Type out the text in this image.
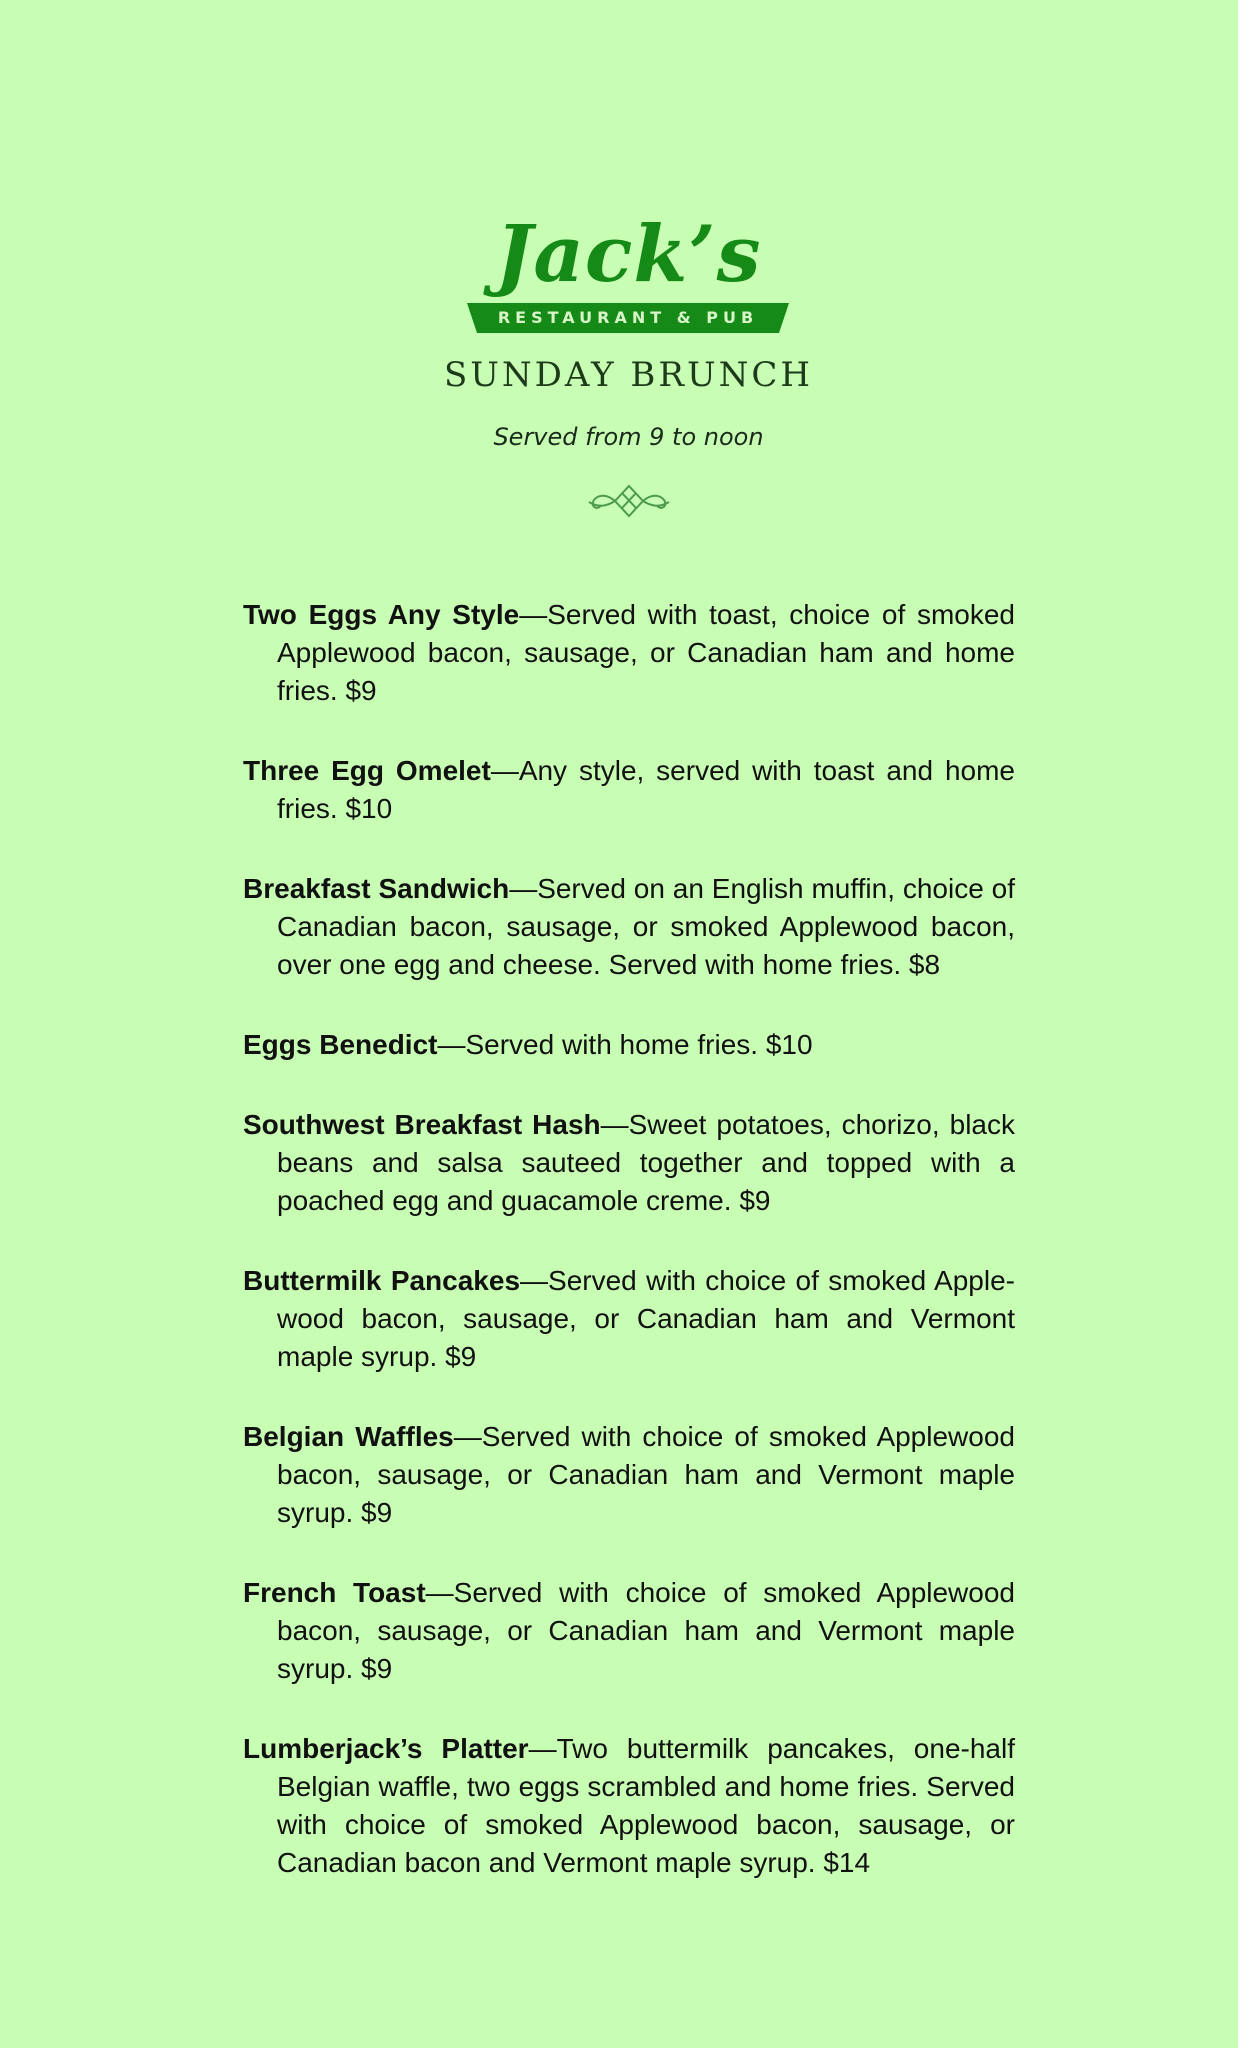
Jack’s
RESTAURANT & PUB
SUNDAY BRUNCH
Served from 9 to noon
Two Eggs Any Style—Served with toast, choice of smoked Applewood bacon, sausage, or Canadian ham and home fries. $9
Three Egg Omelet—Any style, served with toast and home fries. $10
Breakfast Sandwich—Served on an English muffin, choice of Canadian bacon, sausage, or smoked Applewood bacon, over one egg and cheese. Served with home fries. $8
Eggs Benedict—Served with home fries. $10
Southwest Breakfast Hash—Sweet potatoes, chorizo, black beans and salsa sauteed together and topped with a poached egg and guacamole creme. $9
Buttermilk Pancakes—Served with choice of smoked Apple-wood bacon, sausage, or Canadian ham and Vermont maple syrup. $9
Belgian Waffles—Served with choice of smoked Applewood bacon, sausage, or Canadian ham and Vermont maple syrup. $9
French Toast—Served with choice of smoked Applewood bacon, sausage, or Canadian ham and Vermont maple syrup. $9
Lumberjack’s Platter—Two buttermilk pancakes, one-half Belgian waffle, two eggs scrambled and home fries. Served with choice of smoked Applewood bacon, sausage, or Canadian bacon and Vermont maple syrup. $14
